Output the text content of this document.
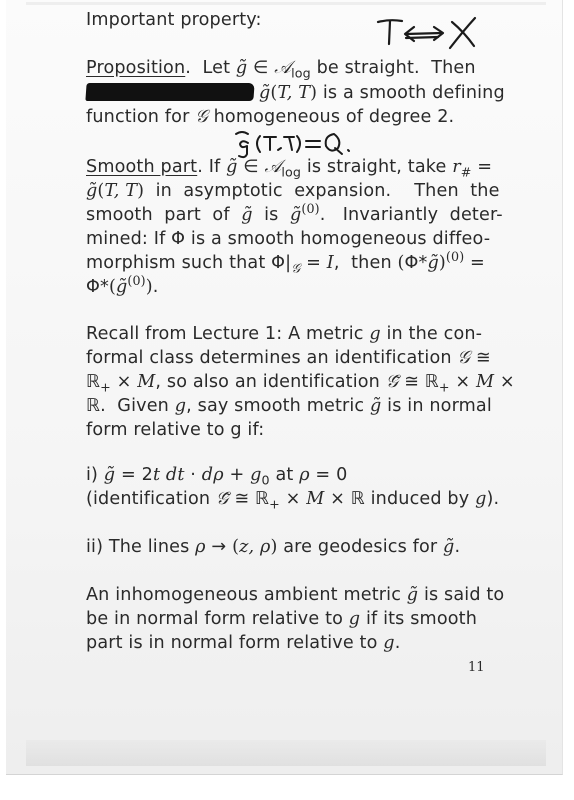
Important property:
Proposition.  Let g̃ ∈ 𝒜$_{log}$ be straight.  Then
g̃(T, T) is a smooth defining
function for 𝒢 homogeneous of degree 2.
Smooth part. If g̃ ∈ 𝒜$_{log}$ is straight, take $r_{\#}$ =
g̃(T, T)  in  asymptotic  expansion.    Then  the
smooth  part  of  g̃  is  g̃$^{(0)}$.   Invariantly  deter-
mined: If Φ is a smooth homogeneous diffeo-
morphism such that $\Phi|_𝒢 = I$,  then (Φ*g̃)$^{(0)}$ =
Φ*(g̃$^{(0)}$).
Recall from Lecture 1: A metric g in the con-
formal class determines an identification 𝒢 ≅
ℝ$_+$ × M, so also an identification 𝒢̃ ≅ ℝ$_+$ × M ×
ℝ.  Given g, say smooth metric g̃ is in normal
form relative to g if:
i) g̃ = 2t dt · $d\rho + g_0$ at ρ = 0
(identification 𝒢̃ ≅ ℝ$_+$ × M × ℝ induced by g).
ii) The lines ρ → (z, ρ) are geodesics for g̃.
An inhomogeneous ambient metric g̃ is said to
be in normal form relative to g if its smooth
part is in normal form relative to g.
11
